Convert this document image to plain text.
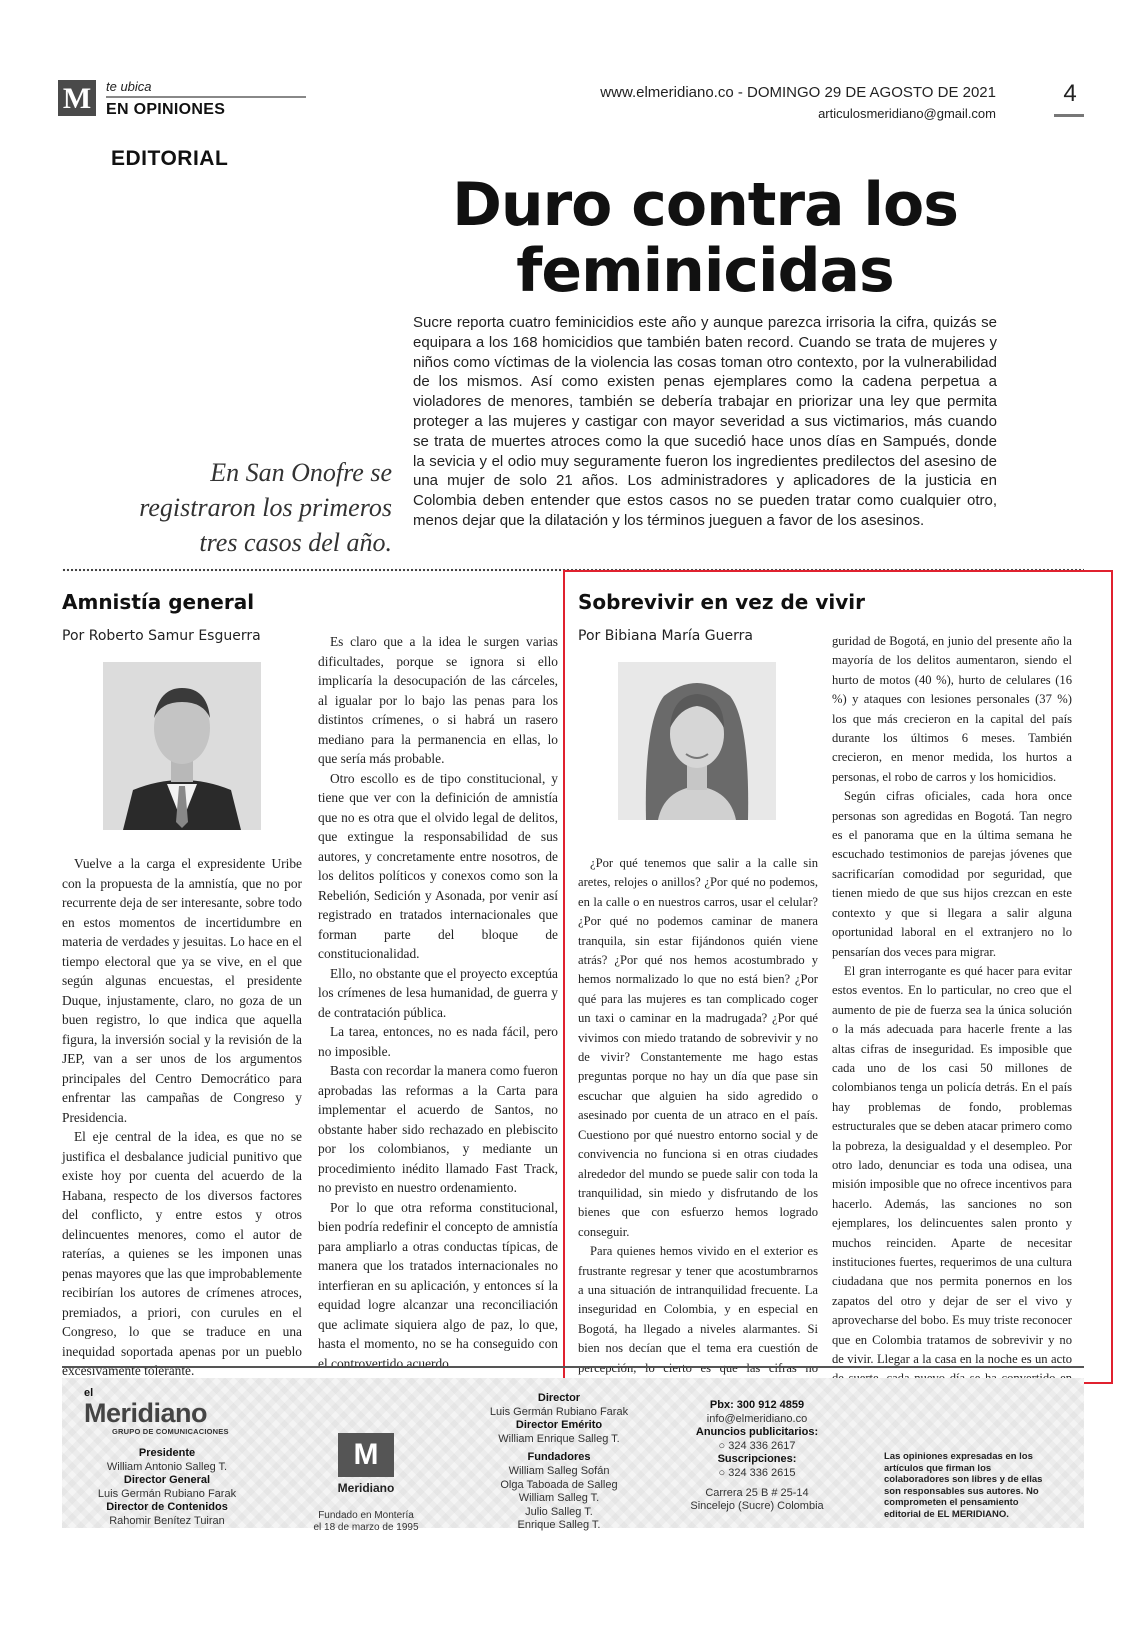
M	te ubica
EN OPINIONES
www.elmeridiano.co - DOMINGO 29 DE AGOSTO DE 2021
articulosmeridiano@gmail.com
4
EDITORIAL
Duro contra los
feminicidas
Sucre reporta cuatro feminicidios este año y aunque parezca irrisoria la cifra, quizás se equipara a los 168 homicidios que también baten record. Cuando se trata de mujeres y niños como víctimas de la violencia las cosas toman otro contexto, por la vulnerabilidad de los mismos. Así como existen penas ejemplares como la cadena perpetua a violadores de menores, también se debería trabajar en priorizar una ley que permita proteger a las mujeres y castigar con mayor severidad a sus victimarios, más cuando se trata de muertes atroces como la que sucedió hace unos días en Sampués, donde la sevicia y el odio muy seguramente fueron los ingredientes predilectos del asesino de una mujer de solo 21 años. Los administradores y aplicadores de la justicia en Colombia deben entender que estos casos no se pueden tratar como cualquier otro, menos dejar que la dilatación y los términos jueguen a favor de los asesinos.
En San Onofre se
registraron los primeros
tres casos del año.
Amnistía general
Por Roberto Samur Esguerra

Vuelve a la carga el expresidente Uribe con la propuesta de la amnistía, que no por recurrente deja de ser interesante, sobre todo en estos momentos de incertidumbre en materia de verdades y jesuitas. Lo hace en el tiempo electoral que ya se vive, en el que según algunas encuestas, el presidente Duque, injustamente, claro, no goza de un buen registro, lo que indica que aquella figura, la inversión social y la revisión de la JEP, van a ser unos de los argumentos principales del Centro Democrático para enfrentar las campañas de Congreso y Presidencia.

El eje central de la idea, es que no se justifica el desbalance judicial punitivo que existe hoy por cuenta del acuerdo de la Habana, respecto de los diversos factores del conflicto, y entre estos y otros delincuentes menores, como el autor de raterías, a quienes se les imponen unas penas mayores que las que improbablemente recibirían los autores de crímenes atroces, premiados, a priori, con curules en el Congreso, lo que se traduce en una inequidad soportada apenas por un pueblo excesivamente tolerante.

Es claro que a la idea le surgen varias dificultades, porque se ignora si ello implicaría la desocupación de las cárceles, al igualar por lo bajo las penas para los distintos crímenes, o si habrá un rasero mediano para la permanencia en ellas, lo que sería más probable.

Otro escollo es de tipo constitucional, y tiene que ver con la definición de amnistía que no es otra que el olvido legal de delitos, que extingue la responsabilidad de sus autores, y concretamente entre nosotros, de los delitos políticos y conexos como son la Rebelión, Sedición y Asonada, por venir así registrado en tratados internacionales que forman parte del bloque de constitucionalidad.

Ello, no obstante que el proyecto exceptúa los crímenes de lesa humanidad, de guerra y de contratación pública.

La tarea, entonces, no es nada fácil, pero no imposible.

Basta con recordar la manera como fueron aprobadas las reformas a la Carta para implementar el acuerdo de Santos, no obstante haber sido rechazado en plebiscito por los colombianos, y mediante un procedimiento inédito llamado Fast Track, no previsto en nuestro ordenamiento.

Por lo que otra reforma constitucional, bien podría redefinir el concepto de amnistía para ampliarlo a otras conductas típicas, de manera que los tratados internacionales no interfieran en su aplicación, y entonces sí la equidad logre alcanzar una reconciliación que aclimate siquiera algo de paz, lo que, hasta el momento, no se ha conseguido con el controvertido acuerdo.

Sobrevivir en vez de vivir
Por Bibiana María Guerra

¿Por qué tenemos que salir a la calle sin aretes, relojes o anillos? ¿Por qué no podemos, en la calle o en nuestros carros, usar el celular? ¿Por qué no podemos caminar de manera tranquila, sin estar fijándonos quién viene atrás? ¿Por qué nos hemos acostumbrado y hemos normalizado lo que no está bien? ¿Por qué para las mujeres es tan complicado coger un taxi o caminar en la madrugada? ¿Por qué vivimos con miedo tratando de sobrevivir y no de vivir? Constantemente me hago estas preguntas porque no hay un día que pase sin escuchar que alguien ha sido agredido o asesinado por cuenta de un atraco en el país. Cuestiono por qué nuestro entorno social y de convivencia no funciona si en otras ciudades alrededor del mundo se puede salir con toda la tranquilidad, sin miedo y disfrutando de los bienes que con esfuerzo hemos logrado conseguir.

Para quienes hemos vivido en el exterior es frustrante regresar y tener que acostumbrarnos a una situación de intranquilidad frecuente. La inseguridad en Colombia, y en especial en Bogotá, ha llegado a niveles alarmantes. Si bien nos decían que el tema era cuestión de percepción, lo cierto es que las cifras no

guridad de Bogotá, en junio del presente año la mayoría de los delitos aumentaron, siendo el hurto de motos (40 %), hurto de celulares (16 %) y ataques con lesiones personales (37 %) los que más crecieron en la capital del país durante los últimos 6 meses. También crecieron, en menor medida, los hurtos a personas, el robo de carros y los homicidios.

Según cifras oficiales, cada hora once personas son agredidas en Bogotá. Tan negro es el panorama que en la última semana he escuchado testimonios de parejas jóvenes que sacrificarían comodidad por seguridad, que tienen miedo de que sus hijos crezcan en este contexto y que si llegara a salir alguna oportunidad laboral en el extranjero no lo pensarían dos veces para migrar.

El gran interrogante es qué hacer para evitar estos eventos. En lo particular, no creo que el aumento de pie de fuerza sea la única solución o la más adecuada para hacerle frente a las altas cifras de inseguridad. Es imposible que cada uno de los casi 50 millones de colombianos tenga un policía detrás. En el país hay problemas de fondo, problemas estructurales que se deben atacar primero como la pobreza, la desigualdad y el desempleo. Por otro lado, denunciar es toda una odisea, una misión imposible que no ofrece incentivos para hacerlo. Además, las sanciones no son ejemplares, los delincuentes salen pronto y muchos reinciden. Aparte de necesitar instituciones fuertes, requerimos de una cultura ciudadana que nos permita ponernos en los zapatos del otro y dejar de ser el vivo y aprovecharse del bobo. Es muy triste reconocer que en Colombia tratamos de sobrevivir y no de vivir. Llegar a la casa en la noche es un acto

el
Meridiano
GRUPO DE COMUNICACIONES
Presidente
William Antonio Salleg T.
Director General
Luis Germán Rubiano Farak
Director de Contenidos
Rahomir Benítez Tuiran
M
Meridiano
Fundado en Montería
el 18 de marzo de 1995
Director
Luis Germán Rubiano Farak
Director Emérito
William Enrique Salleg T.

Fundadores
William Salleg Sofán
Olga Taboada de Salleg
William Salleg T.
Julio Salleg T.
Enrique Salleg T.
Pbx: 300 912 4859
info@elmeridiano.co
Anuncios publicitarios:
○ 324 336 2617
Suscripciones:
○ 324 336 2615

Carrera 25 B # 25-14
Sincelejo (Sucre) Colombia
Las opiniones expresadas en los artículos que firman los colaboradores son libres y de ellas son responsables sus autores. No comprometen el pensamiento editorial de EL MERIDIANO.
